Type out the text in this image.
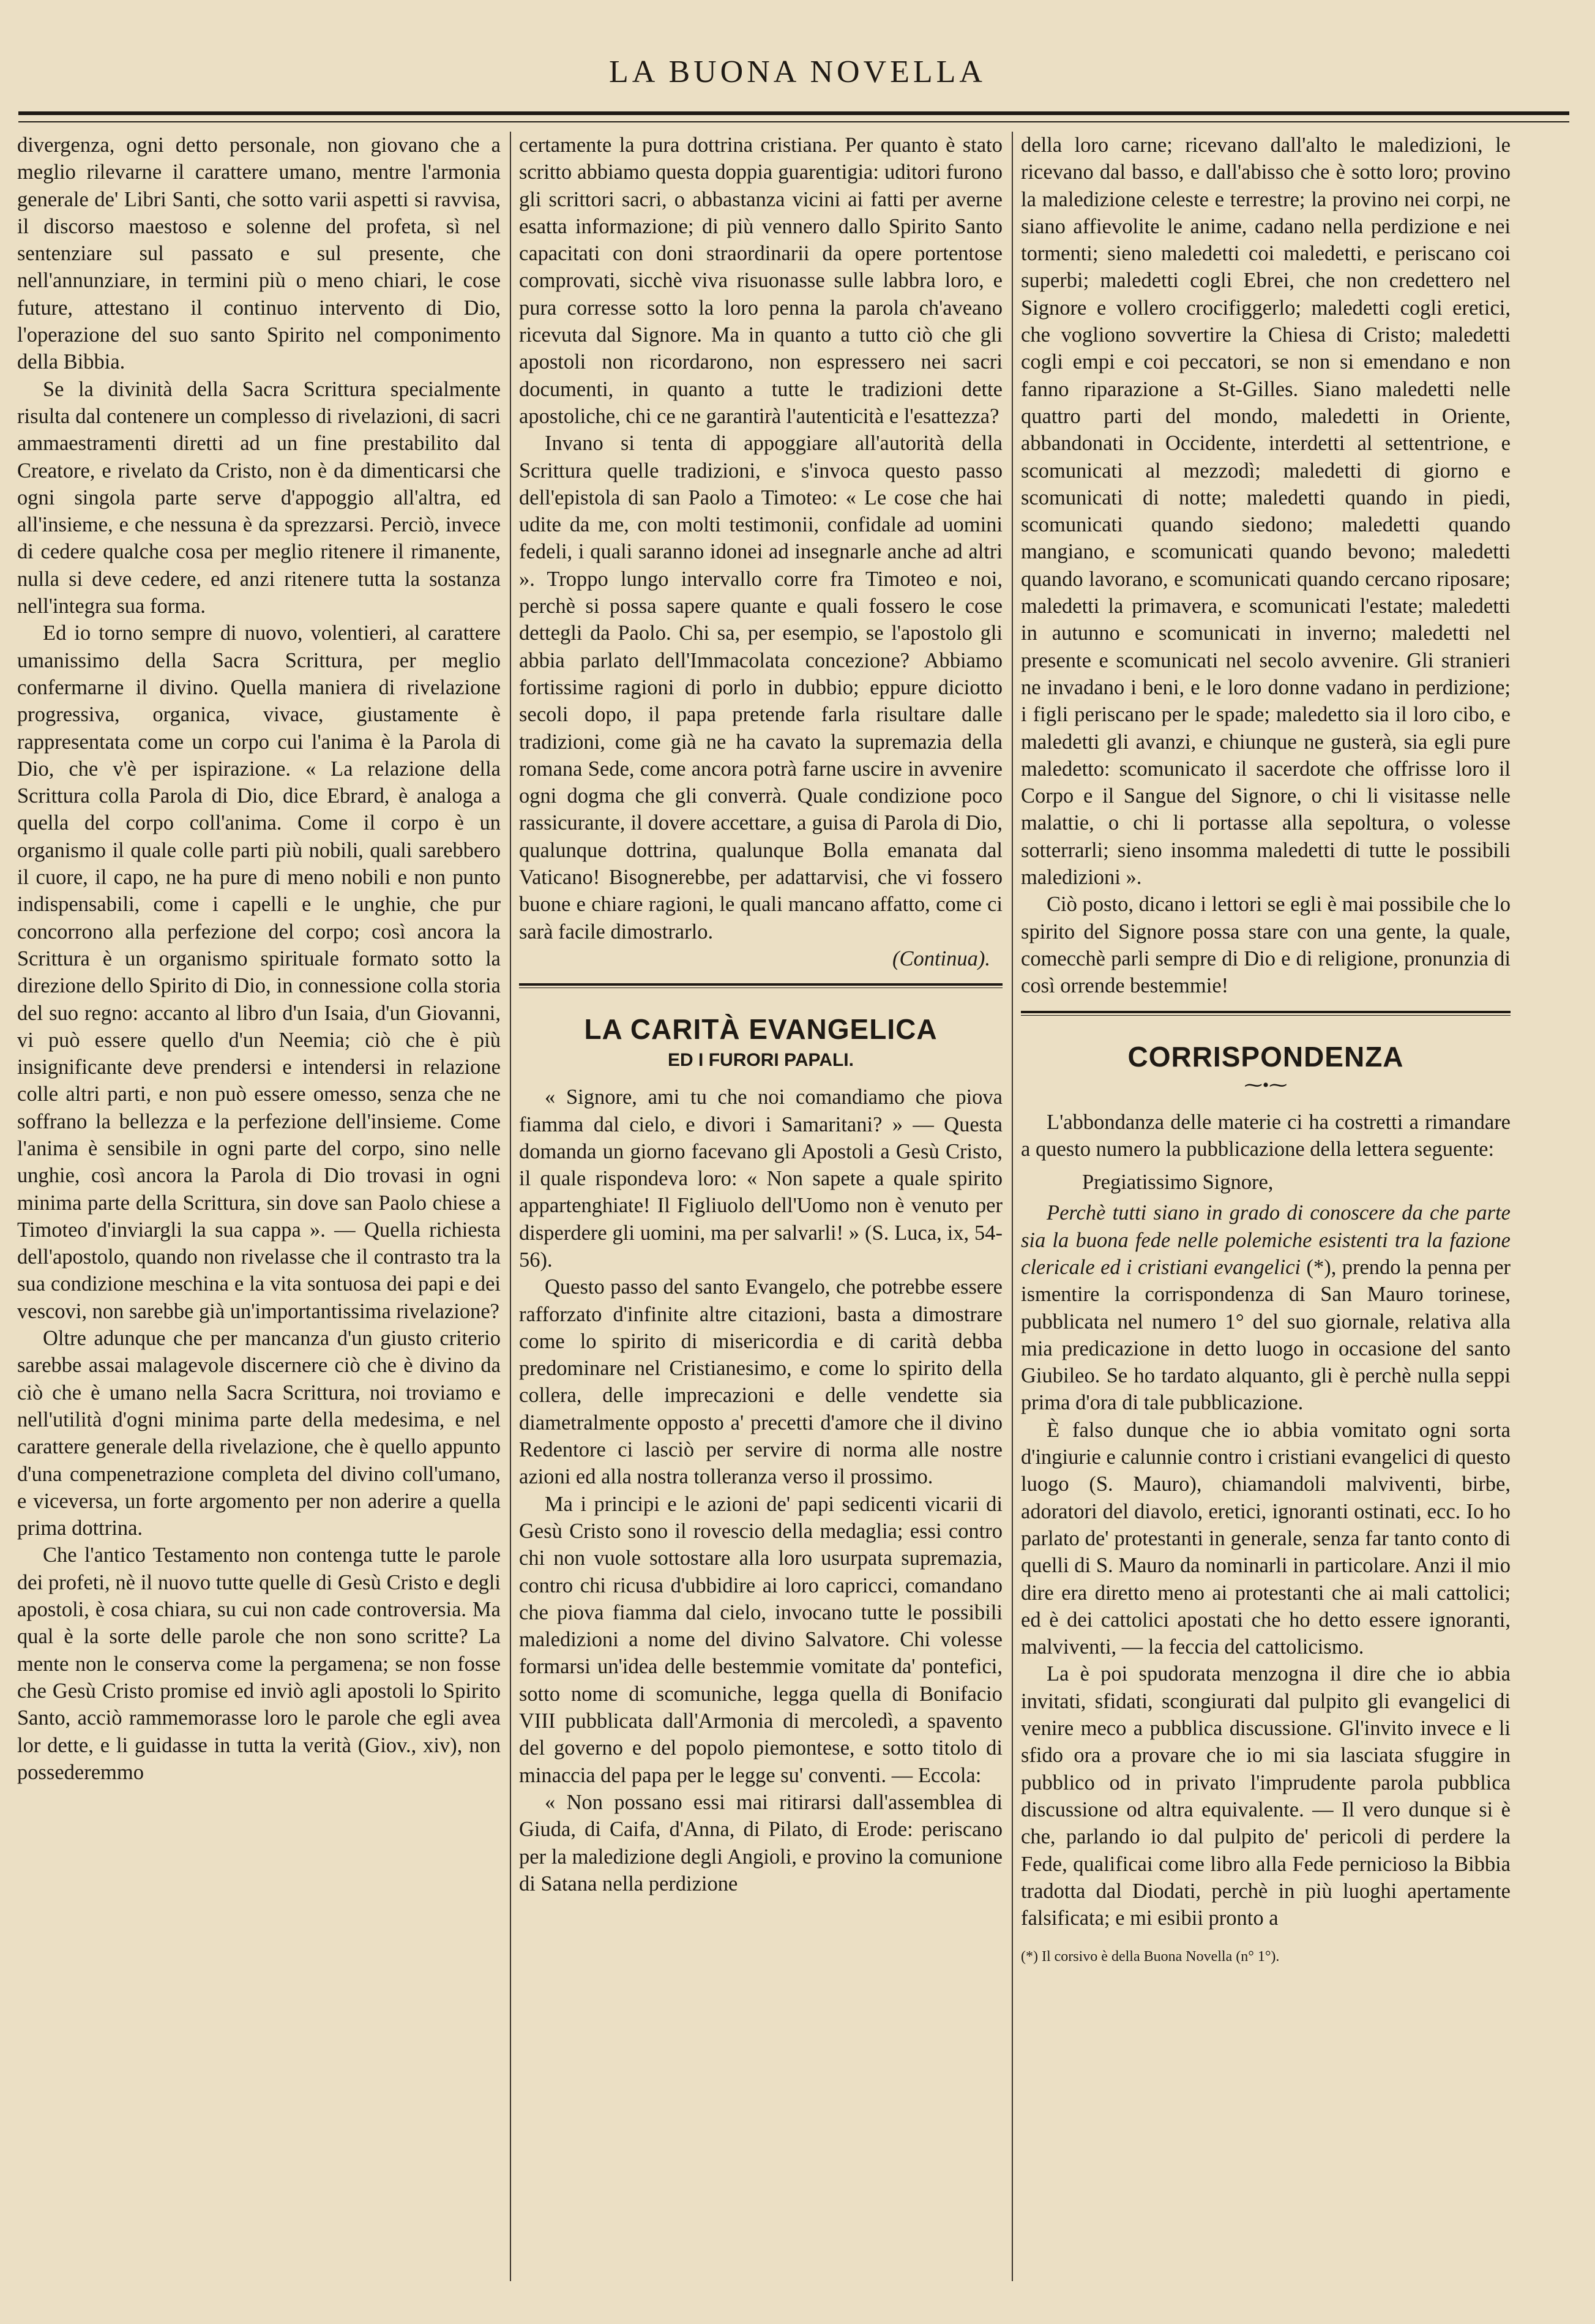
LA BUONA NOVELLA

divergenza, ogni detto personale, non giovano che a meglio rilevarne il carattere umano, mentre l'armonia generale de' Libri Santi, che sotto varii aspetti si ravvisa, il discorso maestoso e solenne del profeta, sì nel sentenziare sul passato e sul presente, che nell'annunziare, in termini più o meno chiari, le cose future, attestano il continuo intervento di Dio, l'operazione del suo santo Spirito nel componimento della Bibbia.

Se la divinità della Sacra Scrittura specialmente risulta dal contenere un complesso di rivelazioni, di sacri ammaestramenti diretti ad un fine prestabilito dal Creatore, e rivelato da Cristo, non è da dimenticarsi che ogni singola parte serve d'appoggio all'altra, ed all'insieme, e che nessuna è da sprezzarsi. Perciò, invece di cedere qualche cosa per meglio ritenere il rimanente, nulla si deve cedere, ed anzi ritenere tutta la sostanza nell'integra sua forma.

Ed io torno sempre di nuovo, volentieri, al carattere umanissimo della Sacra Scrittura, per meglio confermarne il divino. Quella maniera di rivelazione progressiva, organica, vivace, giustamente è rappresentata come un corpo cui l'anima è la Parola di Dio, che v'è per ispirazione. « La relazione della Scrittura colla Parola di Dio, dice Ebrard, è analoga a quella del corpo coll'anima. Come il corpo è un organismo il quale colle parti più nobili, quali sarebbero il cuore, il capo, ne ha pure di meno nobili e non punto indispensabili, come i capelli e le unghie, che pur concorrono alla perfezione del corpo; così ancora la Scrittura è un organismo spirituale formato sotto la direzione dello Spirito di Dio, in connessione colla storia del suo regno: accanto al libro d'un Isaia, d'un Giovanni, vi può essere quello d'un Neemia; ciò che è più insignificante deve prendersi e intendersi in relazione colle altri parti, e non può essere omesso, senza che ne soffrano la bellezza e la perfezione dell'insieme. Come l'anima è sensibile in ogni parte del corpo, sino nelle unghie, così ancora la Parola di Dio trovasi in ogni minima parte della Scrittura, sin dove san Paolo chiese a Timoteo d'inviargli la sua cappa ». — Quella richiesta dell'apostolo, quando non rivelasse che il contrasto tra la sua condizione meschina e la vita sontuosa dei papi e dei vescovi, non sarebbe già un'importantissima rivelazione?

Oltre adunque che per mancanza d'un giusto criterio sarebbe assai malagevole discernere ciò che è divino da ciò che è umano nella Sacra Scrittura, noi troviamo e nell'utilità d'ogni minima parte della medesima, e nel carattere generale della rivelazione, che è quello appunto d'una compenetrazione completa del divino coll'umano, e viceversa, un forte argomento per non aderire a quella prima dottrina.

Che l'antico Testamento non contenga tutte le parole dei profeti, nè il nuovo tutte quelle di Gesù Cristo e degli apostoli, è cosa chiara, su cui non cade controversia. Ma qual è la sorte delle parole che non sono scritte? La mente non le conserva come la pergamena; se non fosse che Gesù Cristo promise ed inviò agli apostoli lo Spirito Santo, acciò rammemorasse loro le parole che egli avea lor dette, e li guidasse in tutta la verità (Giov., xiv), non possederemmo

certamente la pura dottrina cristiana. Per quanto è stato scritto abbiamo questa doppia guarentigia: uditori furono gli scrittori sacri, o abbastanza vicini ai fatti per averne esatta informazione; di più vennero dallo Spirito Santo capacitati con doni straordinarii da opere portentose comprovati, sicchè viva risuonasse sulle labbra loro, e pura corresse sotto la loro penna la parola ch'aveano ricevuta dal Signore. Ma in quanto a tutto ciò che gli apostoli non ricordarono, non espressero nei sacri documenti, in quanto a tutte le tradizioni dette apostoliche, chi ce ne garantirà l'autenticità e l'esattezza?

Invano si tenta di appoggiare all'autorità della Scrittura quelle tradizioni, e s'invoca questo passo dell'epistola di san Paolo a Timoteo: « Le cose che hai udite da me, con molti testimonii, confidale ad uomini fedeli, i quali saranno idonei ad insegnarle anche ad altri ». Troppo lungo intervallo corre fra Timoteo e noi, perchè si possa sapere quante e quali fossero le cose dettegli da Paolo. Chi sa, per esempio, se l'apostolo gli abbia parlato dell'Immacolata concezione? Abbiamo fortissime ragioni di porlo in dubbio; eppure diciotto secoli dopo, il papa pretende farla risultare dalle tradizioni, come già ne ha cavato la supremazia della romana Sede, come ancora potrà farne uscire in avvenire ogni dogma che gli converrà. Quale condizione poco rassicurante, il dovere accettare, a guisa di Parola di Dio, qualunque dottrina, qualunque Bolla emanata dal Vaticano! Bisognerebbe, per adattarvisi, che vi fossero buone e chiare ragioni, le quali mancano affatto, come ci sarà facile dimostrarlo.

(Continua).

LA CARITÀ EVANGELICA
ED I FURORI PAPALI.

« Signore, ami tu che noi comandiamo che piova fiamma dal cielo, e divori i Samaritani? » — Questa domanda un giorno facevano gli Apostoli a Gesù Cristo, il quale rispondeva loro: « Non sapete a quale spirito appartenghiate! Il Figliuolo dell'Uomo non è venuto per disperdere gli uomini, ma per salvarli! » (S. Luca, ix, 54-56).

Questo passo del santo Evangelo, che potrebbe essere rafforzato d'infinite altre citazioni, basta a dimostrare come lo spirito di misericordia e di carità debba predominare nel Cristianesimo, e come lo spirito della collera, delle imprecazioni e delle vendette sia diametralmente opposto a' precetti d'amore che il divino Redentore ci lasciò per servire di norma alle nostre azioni ed alla nostra tolleranza verso il prossimo.

Ma i principi e le azioni de' papi sedicenti vicarii di Gesù Cristo sono il rovescio della medaglia; essi contro chi non vuole sottostare alla loro usurpata supremazia, contro chi ricusa d'ubbidire ai loro capricci, comandano che piova fiamma dal cielo, invocano tutte le possibili maledizioni a nome del divino Salvatore. Chi volesse formarsi un'idea delle bestemmie vomitate da' pontefici, sotto nome di scomuniche, legga quella di Bonifacio VIII pubblicata dall'Armonia di mercoledì, a spavento del governo e del popolo piemontese, e sotto titolo di minaccia del papa per le legge su' conventi. — Eccola:

« Non possano essi mai ritirarsi dall'assemblea di Giuda, di Caifa, d'Anna, di Pilato, di Erode: periscano per la maledizione degli Angioli, e provino la comunione di Satana nella perdizione

della loro carne; ricevano dall'alto le maledizioni, le ricevano dal basso, e dall'abisso che è sotto loro; provino la maledizione celeste e terrestre; la provino nei corpi, ne siano affievolite le anime, cadano nella perdizione e nei tormenti; sieno maledetti coi maledetti, e periscano coi superbi; maledetti cogli Ebrei, che non credettero nel Signore e vollero crocifiggerlo; maledetti cogli eretici, che vogliono sovvertire la Chiesa di Cristo; maledetti cogli empi e coi peccatori, se non si emendano e non fanno riparazione a St-Gilles. Siano maledetti nelle quattro parti del mondo, maledetti in Oriente, abbandonati in Occidente, interdetti al settentrione, e scomunicati al mezzodì; maledetti di giorno e scomunicati di notte; maledetti quando in piedi, scomunicati quando siedono; maledetti quando mangiano, e scomunicati quando bevono; maledetti quando lavorano, e scomunicati quando cercano riposare; maledetti la primavera, e scomunicati l'estate; maledetti in autunno e scomunicati in inverno; maledetti nel presente e scomunicati nel secolo avvenire. Gli stranieri ne invadano i beni, e le loro donne vadano in perdizione; i figli periscano per le spade; maledetto sia il loro cibo, e maledetti gli avanzi, e chiunque ne gusterà, sia egli pure maledetto: scomunicato il sacerdote che offrisse loro il Corpo e il Sangue del Signore, o chi li visitasse nelle malattie, o chi li portasse alla sepoltura, o volesse sotterrarli; sieno insomma maledetti di tutte le possibili maledizioni ».

Ciò posto, dicano i lettori se egli è mai possibile che lo spirito del Signore possa stare con una gente, la quale, comecchè parli sempre di Dio e di religione, pronunzia di così orrende bestemmie!

CORRISPONDENZA
⁓•⁓

L'abbondanza delle materie ci ha costretti a rimandare a questo numero la pubblicazione della lettera seguente:

Pregiatissimo Signore,

Perchè tutti siano in grado di conoscere da che parte sia la buona fede nelle polemiche esistenti tra la fazione clericale ed i cristiani evangelici (*), prendo la penna per ismentire la corrispondenza di San Mauro torinese, pubblicata nel numero 1° del suo giornale, relativa alla mia predicazione in detto luogo in occasione del santo Giubileo. Se ho tardato alquanto, gli è perchè nulla seppi prima d'ora di tale pubblicazione.

È falso dunque che io abbia vomitato ogni sorta d'ingiurie e calunnie contro i cristiani evangelici di questo luogo (S. Mauro), chiamandoli malviventi, birbe, adoratori del diavolo, eretici, ignoranti ostinati, ecc. Io ho parlato de' protestanti in generale, senza far tanto conto di quelli di S. Mauro da nominarli in particolare. Anzi il mio dire era diretto meno ai protestanti che ai mali cattolici; ed è dei cattolici apostati che ho detto essere ignoranti, malviventi, — la feccia del cattolicismo.

La è poi spudorata menzogna il dire che io abbia invitati, sfidati, scongiurati dal pulpito gli evangelici di venire meco a pubblica discussione. Gl'invito invece e li sfido ora a provare che io mi sia lasciata sfuggire in pubblico od in privato l'imprudente parola pubblica discussione od altra equivalente. — Il vero dunque si è che, parlando io dal pulpito de' pericoli di perdere la Fede, qualificai come libro alla Fede pernicioso la Bibbia tradotta dal Diodati, perchè in più luoghi apertamente falsificata; e mi esibii pronto a

(*) Il corsivo è della Buona Novella (n° 1°).
